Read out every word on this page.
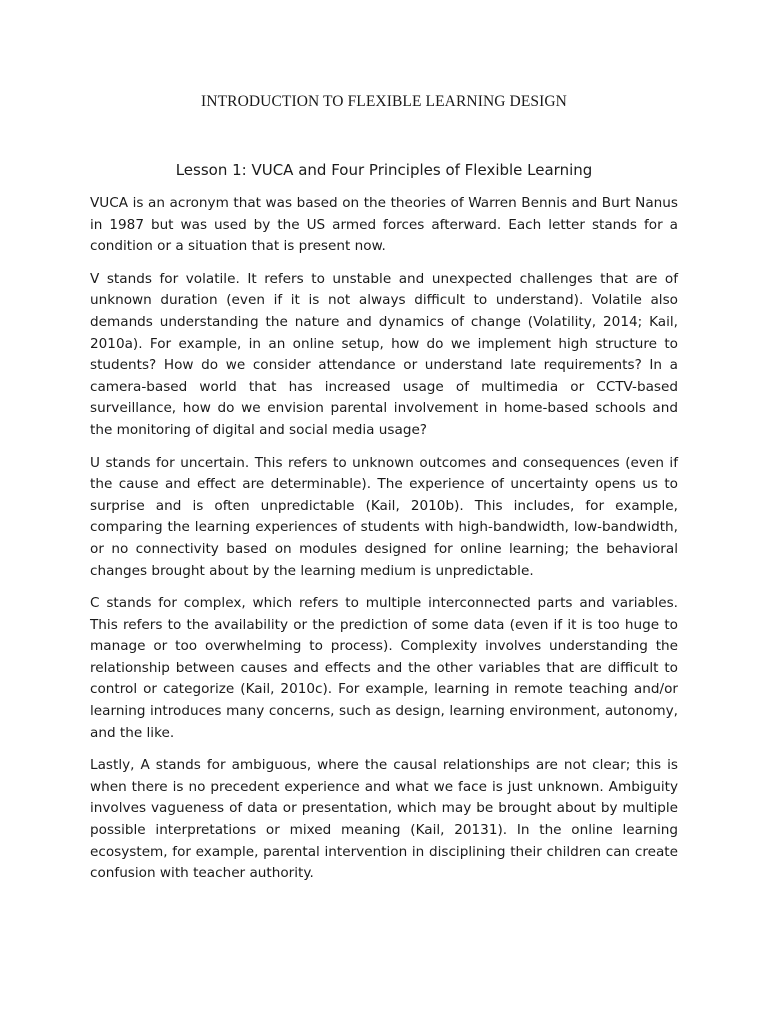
INTRODUCTION TO FLEXIBLE LEARNING DESIGN
Lesson 1: VUCA and Four Principles of Flexible Learning

VUCA is an acronym that was based on the theories of Warren Bennis and Burt Nanus in 1987 but was used by the US armed forces afterward. Each letter stands for a condition or a situation that is present now.

V stands for volatile. It refers to unstable and unexpected challenges that are of unknown duration (even if it is not always difficult to understand). Volatile also demands understanding the nature and dynamics of change (Volatility, 2014; Kail, 2010a). For example, in an online setup, how do we implement high structure to students? How do we consider attendance or understand late requirements? In a camera-based world that has increased usage of multimedia or CCTV-based surveillance, how do we envision parental involvement in home-based schools and the monitoring of digital and social media usage?

U stands for uncertain. This refers to unknown outcomes and consequences (even if the cause and effect are determinable). The experience of uncertainty opens us to surprise and is often unpredictable (Kail, 2010b). This includes, for example, comparing the learning experiences of students with high-bandwidth, low-bandwidth, or no connectivity based on modules designed for online learning; the behavioral changes brought about by the learning medium is unpredictable.

C stands for complex, which refers to multiple interconnected parts and variables. This refers to the availability or the prediction of some data (even if it is too huge to manage or too overwhelming to process). Complexity involves understanding the relationship between causes and effects and the other variables that are difficult to control or categorize (Kail, 2010c). For example, learning in remote teaching and/or learning introduces many concerns, such as design, learning environment, autonomy, and the like.

Lastly, A stands for ambiguous, where the causal relationships are not clear; this is when there is no precedent experience and what we face is just unknown. Ambiguity involves vagueness of data or presentation, which may be brought about by multiple possible interpretations or mixed meaning (Kail, 20131). In the online learning ecosystem, for example, parental intervention in disciplining their children can create confusion with teacher authority.
